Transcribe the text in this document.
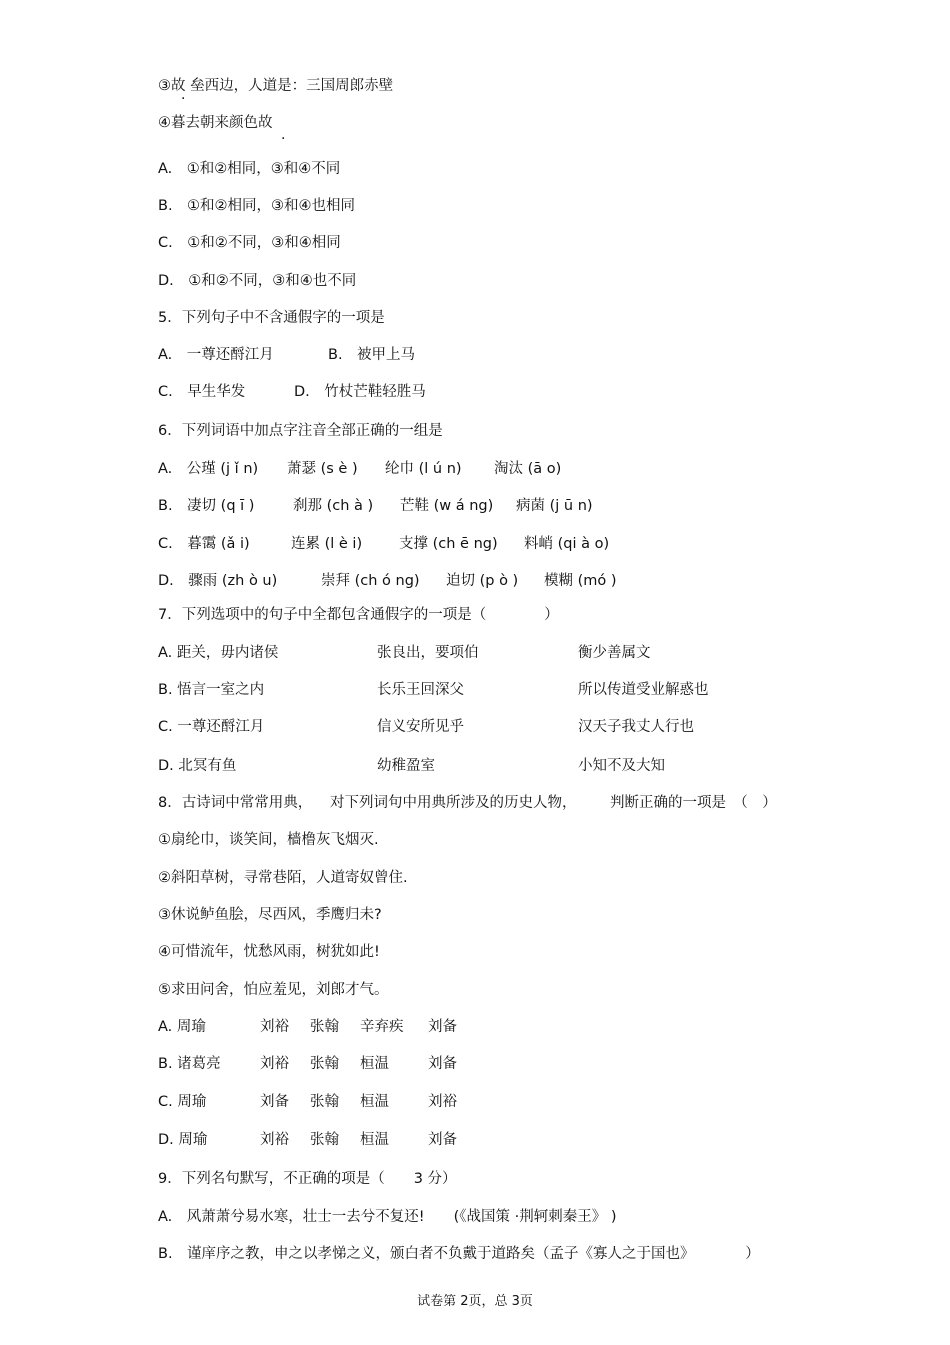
③故 垒西边，人道是：三国周郎赤壁
·
④暮去朝来颜色故
.
A.　①和②相同，③和④不同
B.　①和②相同，③和④也相同
C.　①和②不同，③和④相同
D.　①和②不同，③和④也不同
5．下列句子中不含通假字的一项是
A.　一尊还酹江月	B.　被甲上马
C.　早生华发	D.　竹杖芒鞋轻胜马
6．下列词语中加点字注音全部正确的一组是
A.　公瑾 (j ǐ n) 萧瑟 (s è ) 纶巾 (l ú n) 淘汰 (ā o)
B.　凄切 (q ī )	刹那 (ch à ) 芒鞋 (w á ng) 病菌 (j ū n)
C.　暮霭 (ǎ i)	连累 (l è i)	支撑 (ch ē ng) 料峭 (qi à o)
D.　骤雨 (zh ò u)	崇拜 (ch ó ng) 迫切 (p ò ) 模糊 (mó )
7．下列选项中的句子中全都包含通假字的一项是（　　　　）
A. 距关，毋内诸侯	张良出，要项伯	衡少善属文
B. 悟言一室之内	长乐王回深父	所以传道受业解惑也
C. 一尊还酹江月	信义安所见乎	汉天子我丈人行也
D. 北冥有鱼	幼稚盈室	小知不及大知
8．古诗词中常常用典， 对下列词句中用典所涉及的历史人物， 判断正确的一项是　（　）
①扇纶巾，谈笑间，樯橹灰飞烟灭.
②斜阳草树，寻常巷陌，人道寄奴曾住.
③休说鲈鱼脍，尽西风，季鹰归未?
④可惜流年，忧愁风雨，树犹如此!
⑤求田问舍，怕应羞见，刘郎才气。
A. 周瑜	刘裕 张翰 辛弃疾 刘备
B. 诸葛亮	刘裕 张翰 桓温	刘备
C. 周瑜	刘备 张翰 桓温	刘裕
D. 周瑜	刘裕 张翰 桓温	刘备
9．下列名句默写，不正确的项是（　　3 分）
A.　风萧萧兮易水寒，壮士一去兮不复还!　　(《战国策 ·荆轲刺秦王》 )
B.　谨庠序之教，申之以孝悌之义，颁白者不负戴于道路矣（孟子《寡人之于国也》　　　　）
试卷第 2页，总 3页
